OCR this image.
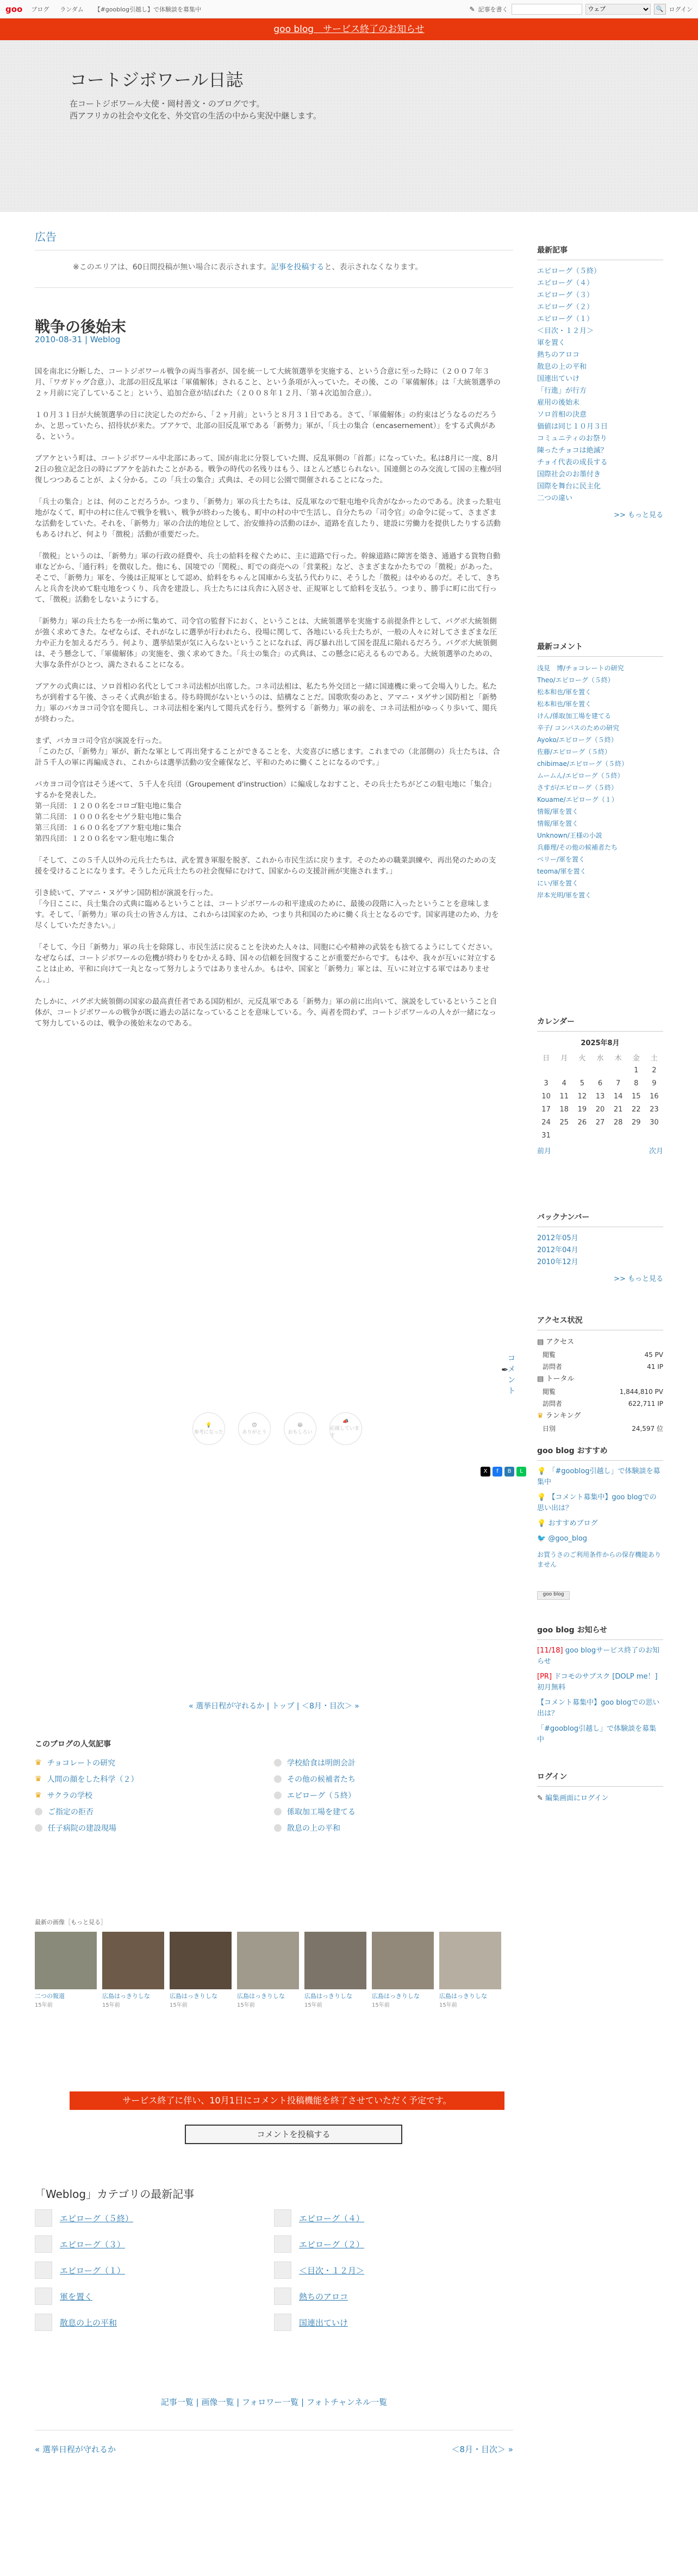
goo ブログ ランダム 【#gooblog引越し】で体験談を募集中	✎ 記事を書く
ウェブ	🔍 ログイン
goo blog　サービス終了のお知らせ
コートジボワール日誌
在コートジボワール大使・岡村善文・のブログです。
西アフリカの社会や文化を、外交官の生活の中から実況中継します。
広告
※このエリアは、60日間投稿が無い場合に表示されます。記事を投稿すると、表示されなくなります。
戦争の後始末
2010-08-31 | Weblog

国を南北に分断した、コートジボワール戦争の両当事者が、国を統一して大統領選挙を実施する、という合意に至った時に（２００７年３月、「ワガドゥグ合意」）、北部の旧反乱軍は「軍備解体」されること、という条項が入っていた。その後、この「軍備解体」は「大統領選挙の２ヶ月前に完了していること」という、追加合意が結ばれた（２００８年１２月、「第４次追加合意」）。

１０月３１日が大統領選挙の日に決定したのだから、「２ヶ月前」というと８月３１日である。さて、「軍備解体」の約束はどうなるのだろうか、と思っていたら、招待状が来た。ブアケで、北部の旧反乱軍である「新勢力」軍が、「兵士の集合（encasernement）」をする式典がある、という。

ブアケという町は、コートジボワール中北部にあって、国が南北に分裂していた間、反乱軍側の「首都」になっていた。私は8月に一度、8月2日の独立記念日の時にブアケを訪れたことがある。戦争の時代の名残りはもう、ほとんど感じられない。国連側とのみ交流して国の主権が回復しつつあることが、よく分かる。この「兵士の集合」式典は、その同じ公園で開催されることになった。

「兵士の集合」とは、何のことだろうか。つまり、「新勢力」軍の兵士たちは、反乱軍なので駐屯地や兵舎がなかったのである。決まった駐屯地がなくて、町中の村に住んで戦争を戦い、戦争が終わった後も、町中の村の中で生活し、自分たちの「司令官」の命令に従って、さまざまな活動をしていた。それを、「新勢力」軍の合法的地位として、治安維持の活動のほか、道路を直したり、建設に労働力を提供したりする活動もあるけれど、何より「徴税」活動が重要だった。

「徴税」というのは、「新勢力」軍の行政の経費や、兵士の給料を稼ぐために、主に道路で行った。幹線道路に障害を築き、通過する貨物自動車などから、「通行料」を徴収した。他にも、国境での「関税」、町での商売への「営業税」など、さまざまなかたちでの「徴税」があった。そこで、「新勢力」軍を、今後は正規軍として認め、給料をちゃんと国庫から支払う代わりに、そうした「徴税」はやめるのだ。そして、きちんと兵舎を決めて駐屯地をつくり、兵舎を建設し、兵士たちには兵舎に入居させ、正規軍として給料を支払う。つまり、勝手に町に出て行って、「徴税」活動をしないようにする。

「新勢力」軍の兵士たちを一か所に集めて、司令官の監督下におく、ということは、大統領選挙を実施する前提条件として、バグボ大統領側が強く求めてきた。なぜならば、それがなしに選挙が行われたら、役場に関して、各地にいる兵士たちが、一般の人々に対してさまざまな圧力や正力を加えるだろう。何より、選挙結果が気に入らないということになれば、再び暴れ出して国を混乱に陥れるだろう。バグボ大統領側は、そう懸念して、「軍備解体」の実施を、強く求めてきた。「兵士の集合」の式典は、この懸念に応えるものである。大統領選挙のための、大事な条件がひとつ、満たされることになる。

ブアケの式典には、ソロ首相の名代としてコネ司法相が出席した。コネ司法相は、私たち外交団と一緒に国連機に乗って会場入りした。私たちが到着する午後、さっそく式典が始まる。待ち時間がないというのは、結構なことだ。国歌吹奏のあと、アマニ・ヌゲサン国防相と「新勢力」軍のバカヨコ司令官を閲兵し、コネ司法相を案内して閲兵式を行う。整列する「新勢力」軍の前を、コネ司法相がゆっくり歩いて、閲兵が終わった。

まず、バカヨコ司令官が演説を行った。
「このたび、「新勢力」軍が、新たな軍として再出発することができることを、大変喜びに感じます。これまでの（北部側の）兵士たちは、合計５千人の軍に再編成され、これからは選挙活動の安全確保など、平和のために働くことになるのです。」

バカヨコ司令官はそう述べて、５千人を兵団（Groupement d'instruction）に編成しなおすこと、その兵士たちがどこの駐屯地に「集合」するかを発表した。
第一兵団：１２００名をコロゴ駐屯地に集合
第二兵団：１０００名をセゲラ駐屯地に集合
第三兵団：１６００名をブアケ駐屯地に集合
第四兵団：１２００名をマン駐屯地に集合

「そして、この５千人以外の元兵士たちは、武を置き軍服を脱ぎ、これから市民生活に戻ります。そのための職業訓練や、再出発のための支援を受けることになります。そうした元兵士たちの社会復帰にむけて、国家からの支援計画が実施されます。」

引き続いて、アマニ・ヌゲサン国防相が演説を行った。
「今日ここに、兵士集合の式典に臨めるということは、コートジボワールの和平達成のために、最後の段階に入ったということを意味します。そして、「新勢力」軍の兵士の皆さん方は、これからは国家のため、つまり共和国のために働く兵士となるのです。国家再建のため、力を尽くしていただきたい。」

「そして、今日「新勢力」軍の兵士を除隊し、市民生活に戻ることを決めた人々は、同胞に心や精神の武装をも捨てるようにしてください。なぜならば、コートジボワールの危機が終わりをむかえる時、国々の信頼を回復することが重要だからです。もはや、我々が互いに対立することは止め、平和に向けて一丸となって努力しようではありませんか。もはや、国家と「新勢力」軍とは、互いに対立する軍ではありません。」

たしかに、バグボ大統領側の国家の最高責任者である国防相が、元反乱軍である「新勢力」軍の前に出向いて、演説をしているということ自体が、コートジボワールの戦争が既に過去の話になっていることを意味している。今、両者を問わず、コートジボワールの人々が一緒になって努力しているのは、戦争の後始末なのである。

コメント
✒
💡
参考になった
😊
ありがとう
😆
おもしろい
📣
応援しています
X	f	B	L
« 選挙日程が守れるか | トップ | ＜8月・目次＞ »
このブログの人気記事
♛ チョコレートの研究	学校給食は明朗会計
♛ 人間の顔をした科学（２）	その他の候補者たち
♛ サクラの学校	エピローグ（５終）
ご指定の拒否	係取加工場を建てる
任子病院の建設現場	散息の上の平和
最新の画像［もっと見る］
二つの報道
15年前
広島はっきりしな
15年前
広島はっきりしな
15年前
広島はっきりしな
15年前
広島はっきりしな
15年前
広島はっきりしな
15年前
広島はっきりしな
15年前
サービス終了に伴い、10月1日にコメント投稿機能を終了させていただく予定です。
コメントを投稿する
「Weblog」カテゴリの最新記事
エピローグ（５終）	エピローグ（４）
エピローグ（３）	エピローグ（２）
エピローグ（１）	＜目次・１２月＞
軍を置く	熱ちのアロコ
散息の上の平和	国連出ていけ
記事一覧 | 画像一覧 | フォロワー一覧 | フォトチャンネル一覧
« 選挙日程が守れるか	＜8月・目次＞ »
最新記事
エピローグ（５終）
エピローグ（４）
エピローグ（３）
エピローグ（２）
エピローグ（１）
＜目次・１２月＞
軍を置く
熱ちのアロコ
散息の上の平和
国連出ていけ
「行進」が行方
雇用の後始末
ソロ首相の決意
価値は同じ１０月３日
コミュニティのお祭り
陳ったチョコは絶滅？
チョイ代表の成長する
国際社会のお墨付き
国際を舞台に民主化
二つの違い
>> もっと見る
最新コメント
浅見　博/チョコレートの研究
Theo/エピローグ（５終）
松本和也/軍を置く
松本和也/軍を置く
けん/係取加工場を建てる
辛子/ コンパスのための研究
Ayoko/エピローグ（５終）
佐藤/エピローグ（５終）
chibimae/エピローグ（５終）
ムームん/エピローグ（５終）
さすが/エピローグ（５終）
Kouame/エピローグ（１）
情報/軍を置く
情報/軍を置く
Unknown/王様の小説
兵藤理/その他の候補者たち
ベリー/軍を置く
teoma/軍を置く
にい/軍を置く
岸本光明/軍を置く
カレンダー
2025年8月
日	月	火	水	木	金	土
					1	2
3	4	5	6	7	8	9
10	11	12	13	14	15	16
17	18	19	20	21	22	23
24	25	26	27	28	29	30
31						
前月	次月
バックナンバー
2012年05月
2012年04月
2010年12月
>> もっと見る
アクセス状況
▤ アクセス
閲覧	45 PV
訪問者	41 IP
▤ トータル
閲覧	1,844,810 PV
訪問者	622,711 IP
♛ ランキング
日別	24,597 位
goo blog おすすめ
💡 「#gooblog引越し」で体験談を募集中
💡 【コメント募集中】goo blogでの思い出は？
💡 おすすめブログ
🐦 @goo_blog
お買うさのご利用条件からの保存機能ありません
goo blog
goo blog お知らせ
[11/18] goo blogサービス終了のお知らせ
[PR] ドコモのサブスク [DOLP me！] 初月無料
【コメント募集中】goo blogでの思い出は？
「#gooblog引越し」で体験談を募集中
ログイン
✎ 編集画面にログイン
